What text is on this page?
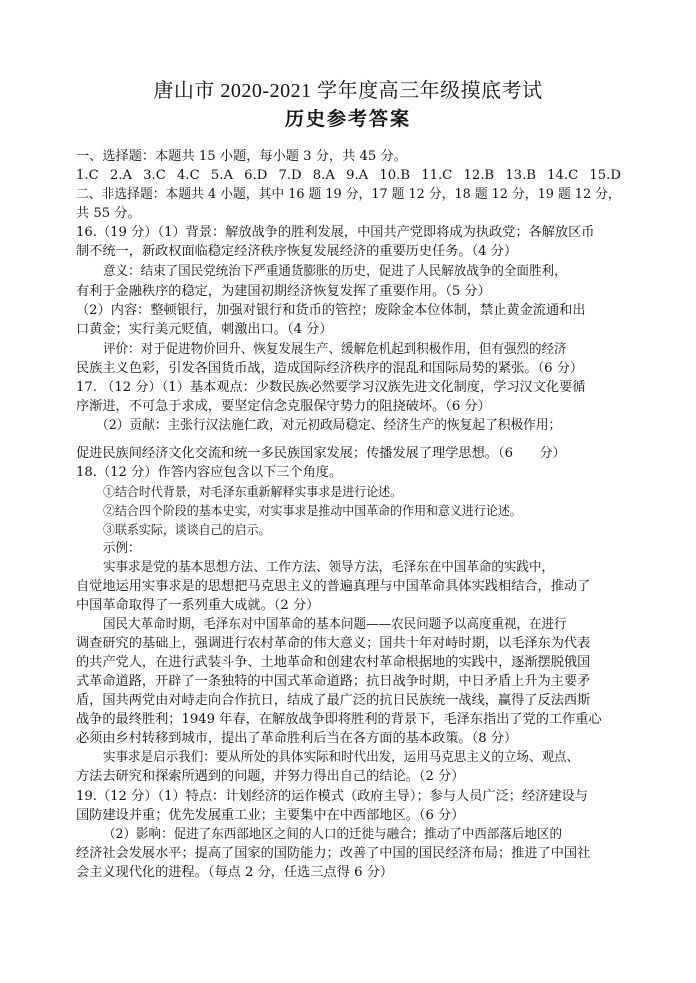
唐山市 2020-2021 学年度高三年级摸底考试
历史参考答案
一、选择题：本题共 15 小题，每小题 3 分，共 45 分。
1.C 2.A 3.C 4.C 5.A 6.D 7.D 8.A 9.A 10.B 11.C 12.B 13.B 14.C 15.D
二、非选择题：本题共 4 小题，其中 16 题 19 分，17 题 12 分，18 题 12 分，19 题 12 分，
共 55 分。
16.（19 分）（1）背景：解放战争的胜利发展，中国共产党即将成为执政党；各解放区币
制不统一，新政权面临稳定经济秩序恢复发展经济的重要历史任务。（4 分）
意义：结束了国民党统治下严重通货膨胀的历史，促进了人民解放战争的全面胜利，
有利于金融秩序的稳定，为建国初期经济恢复发挥了重要作用。（5 分）
（2）内容：整顿银行，加强对银行和货币的管控；废除金本位体制，禁止黄金流通和出
口黄金；实行美元贬值，刺激出口。（4 分）
评价：对于促进物价回升、恢复发展生产、缓解危机起到积极作用，但有强烈的经济
民族主义色彩，引发各国货币战，造成国际经济秩序的混乱和国际局势的紧张。（6 分）
17. （12 分）（1）基本观点：少数民族必然要学习汉族先进文化制度，学习汉文化要循
序渐进，不可急于求成，要坚定信念克服保守势力的阻挠破坏。（6 分）
（2）贡献：主张行汉法施仁政，对元初政局稳定、经济生产的恢复起了积极作用；
促进民族间经济文化交流和统一多民族国家发展；传播发展了理学思想。（6　　分）
18.（12 分）作答内容应包含以下三个角度。
①结合时代背景，对毛泽东重新解释实事求是进行论述。
②结合四个阶段的基本史实，对实事求是推动中国革命的作用和意义进行论述。
③联系实际，谈谈自己的启示。
示例：
实事求是党的基本思想方法、工作方法、领导方法，毛泽东在中国革命的实践中，
自觉地运用实事求是的思想把马克思主义的普遍真理与中国革命具体实践相结合，推动了
中国革命取得了一系列重大成就。（2 分）
国民大革命时期，毛泽东对中国革命的基本问题——农民问题予以高度重视，在进行
调查研究的基础上，强调进行农村革命的伟大意义；国共十年对峙时期，以毛泽东为代表
的共产党人，在进行武装斗争、土地革命和创建农村革命根据地的实践中，逐渐摆脱俄国
式革命道路，开辟了一条独特的中国式革命道路；抗日战争时期，中日矛盾上升为主要矛
盾，国共两党由对峙走向合作抗日，结成了最广泛的抗日民族统一战线，赢得了反法西斯
战争的最终胜利；1949 年春，在解放战争即将胜利的背景下，毛泽东指出了党的工作重心
必须由乡村转移到城市，提出了革命胜利后当在各方面的基本政策。（8 分）
实事求是启示我们：要从所处的具体实际和时代出发，运用马克思主义的立场、观点、
方法去研究和探索所遇到的问题，并努力得出自己的结论。（2 分）
19.（12 分）（1）特点：计划经济的运作模式（政府主导）；参与人员广泛；经济建设与
国防建设并重；优先发展重工业；主要集中在中西部地区。（6 分）
（2）影响：促进了东西部地区之间的人口的迁徙与融合；推动了中西部落后地区的
经济社会发展水平；提高了国家的国防能力；改善了中国的国民经济布局；推进了中国社
会主义现代化的进程。（每点 2 分，任选三点得 6 分）
